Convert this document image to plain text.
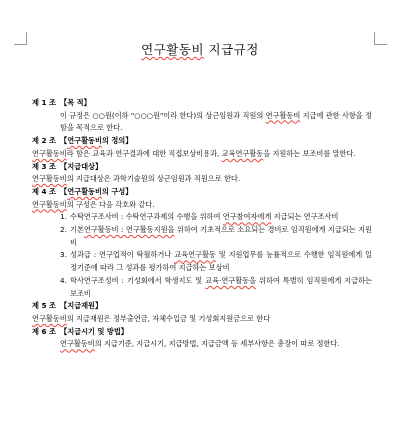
연구활동비 지급규정
제 1 조 【목 적】
이 규정은 ○○원(이하 "○○○원"이라 한다)의 상근임원과 직원의 연구활동비 지급에 관한 사항을 정함을 목적으로 한다.
제 2 조 【연구활동비의 정의】
연구활동비라 함은 교육과 연구결과에 대한 직접보상비용과, 교육연구활동을 지원하는 보조비를 말한다.
제 3 조 【지급대상】
연구활동비의 지급대상은 과학기술원의 상근임원과 직원으로 한다.
제 4 조 【연구활동비의 구성】
연구활동비의 구성은 다음 각호와 같다.
1. 수탁연구조사비 : 수탁연구과제의 수행을 위하여 연구참여자에게 지급되는 연구조사비
2. 기본연구활동비 : 연구활동지원을 위하여 기초적으로 소요되는 경비로 임직원에게 지급되는 지원비
3. 성과급 : 연구업적이 탁월하거나 교육연구활동 및 지원업무를 능률적으로 수행한 임직원에게 일정기준에 따라 그 성과를 평가하여 지급하는 보상비
4. 학사연구조성비 : 기성회에서 학생지도 및 교육·연구활동을 위하여 특별히 임직원에게 지급하는 보조비
제 5 조 【지급재원】
연구활동비의 지급재원은 정부출연금, 자체수입금 및 기성회지원금으로 한다
제 6 조 【지급시기 및 방법】
연구활동비의 지급기준, 지급시기, 지급방법, 지급금액 등 세부사항은 총장이 따로 정한다.
